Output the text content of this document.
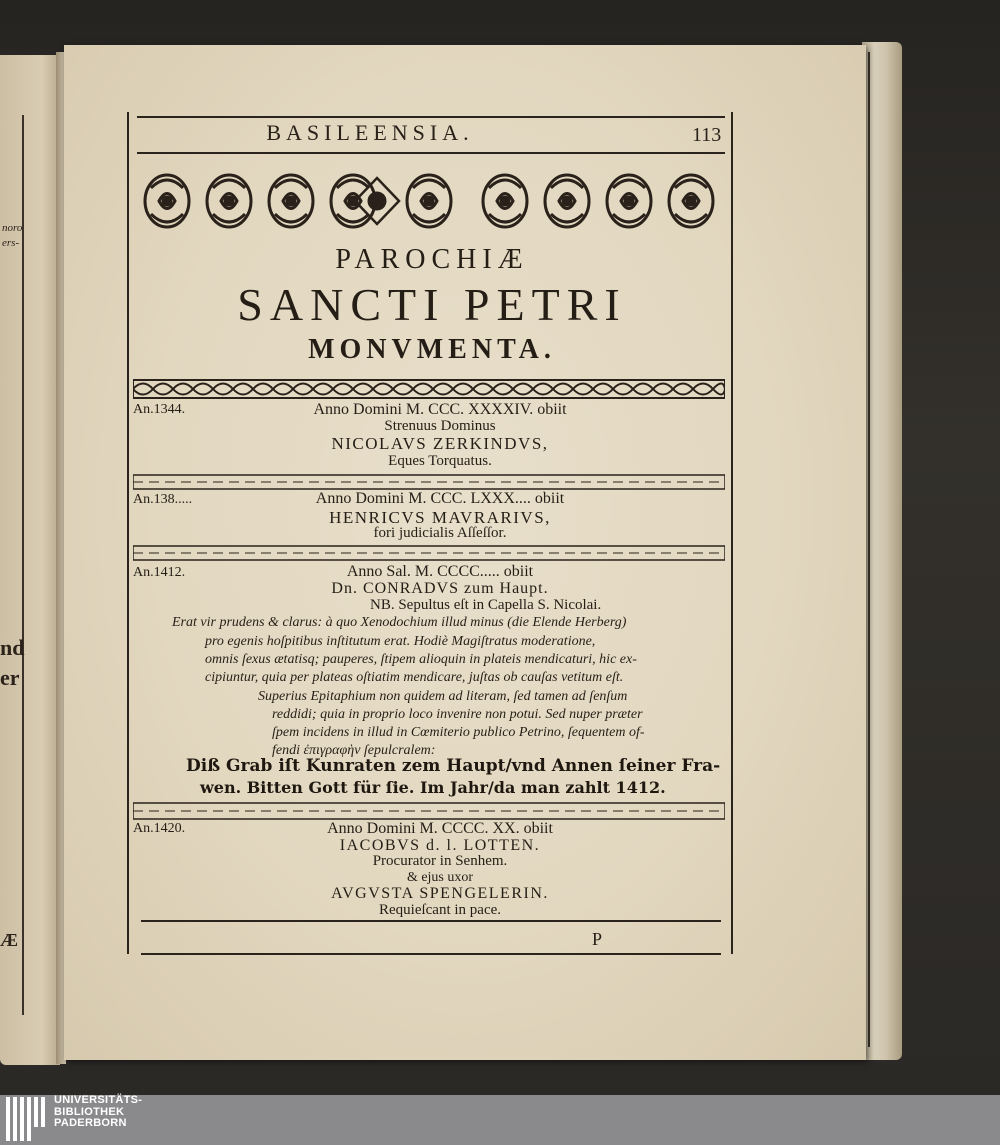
noro
ers-
nd
er
Æ
BASILEENSIA.	113
PAROCHIÆ
SANCTI PETRI
MONVMENTA.
An.1344.	Anno Domini M. CCC. XXXXIV. obiit
Strenuus Dominus
NICOLAVS ZERKINDVS,
Eques Torquatus.
An.138.....	Anno Domini M. CCC. LXXX.... obiit
HENRICVS MAVRARIVS,
fori judicialis Aſſeſſor.
An.1412.	Anno Sal. M. CCCC..... obiit
Dn. CONRADVS zum Haupt.
NB. Sepultus eſt in Capella S. Nicolai.
Erat vir prudens & clarus: à quo Xenodochium illud minus (die Elende Herberg)
pro egenis hoſpitibus inſtitutum erat. Hodiè Magiſtratus moderatione,
omnis ſexus ætatisq; pauperes, ſtipem alioquin in plateis mendicaturi, hic ex-
cipiuntur, quia per plateas oſtiatim mendicare, juſtas ob cauſas vetitum eſt.
Superius Epitaphium non quidem ad literam, ſed tamen ad ſenſum
reddidi; quia in proprio loco invenire non potui. Sed nuper præter
ſpem incidens in illud in Cœmiterio publico Petrino, ſequentem of-
fendi ἐπιγραφὴν ſepulcralem:
Diß Grab iſt Kunraten zem Haupt/vnd Annen ſeiner Fra-
wen. Bitten Gott für ſie. Im Jahr/da man zahlt 1412.
An.1420.	Anno Domini M. CCCC. XX. obiit
IACOBVS d. l. LOTTEN.
Procurator in Senhem.
& ejus uxor
AVGVSTA SPENGELERIN.
Requieſcant in pace.
P
UNIVERSITÄTS-
BIBLIOTHEK
PADERBORN
